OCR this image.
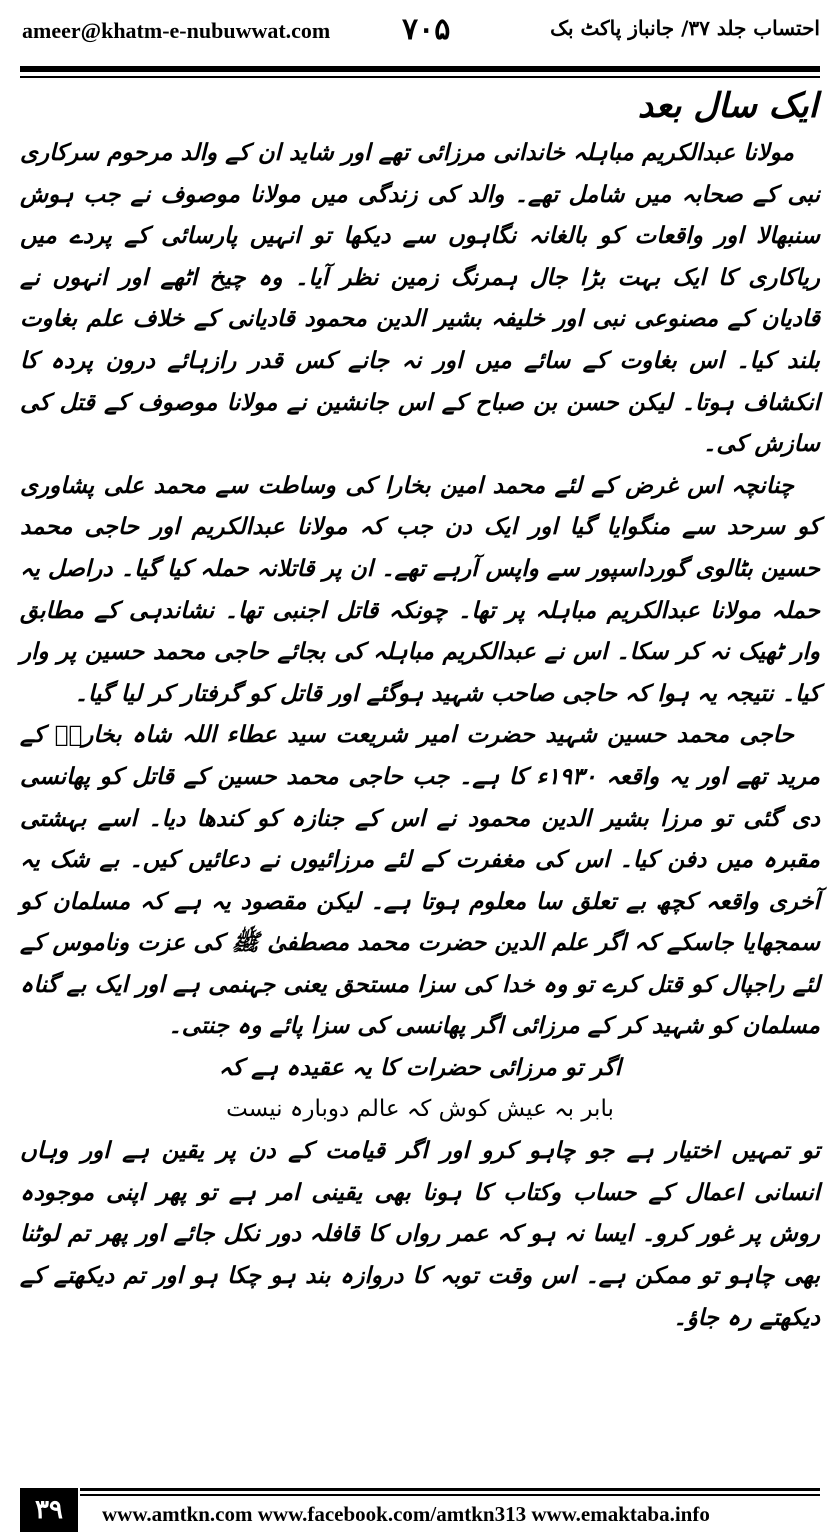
ameer@khatm-e-nubuwwat.com ۷۰۵	احتساب جلد ۳۷/ جانباز پاکٹ بک
ایک سال بعد

مولانا عبدالکریم مباہلہ خاندانی مرزائی تھے اور شاید ان کے والد مرحوم سرکاری نبی کے صحابہ میں شامل تھے۔ والد کی زندگی میں مولانا موصوف نے جب ہوش سنبھالا اور واقعات کو بالغانہ نگاہوں سے دیکھا تو انہیں پارسائی کے پردے میں ریاکاری کا ایک بہت بڑا جال ہمرنگ زمین نظر آیا۔ وہ چیخ اٹھے اور انہوں نے قادیان کے مصنوعی نبی اور خلیفہ بشیر الدین محمود قادیانی کے خلاف علم بغاوت بلند کیا۔ اس بغاوت کے سائے میں اور نہ جانے کس قدر رازہائے درون پردہ کا انکشاف ہوتا۔ لیکن حسن بن صباح کے اس جانشین نے مولانا موصوف کے قتل کی سازش کی۔

چنانچہ اس غرض کے لئے محمد امین بخارا کی وساطت سے محمد علی پشاوری کو سرحد سے منگوایا گیا اور ایک دن جب کہ مولانا عبدالکریم اور حاجی محمد حسین بٹالوی گورداسپور سے واپس آرہے تھے۔ ان پر قاتلانہ حملہ کیا گیا۔ دراصل یہ حملہ مولانا عبدالکریم مباہلہ پر تھا۔ چونکہ قاتل اجنبی تھا۔ نشاندہی کے مطابق وار ٹھیک نہ کر سکا۔ اس نے عبدالکریم مباہلہ کی بجائے حاجی محمد حسین پر وار کیا۔ نتیجہ یہ ہوا کہ حاجی صاحب شہید ہوگئے اور قاتل کو گرفتار کر لیا گیا۔

حاجی محمد حسین شہید حضرت امیر شریعت سید عطاء اللہ شاہ بخاریؒ کے مرید تھے اور یہ واقعہ ۱۹۳۰ء کا ہے۔ جب حاجی محمد حسین کے قاتل کو پھانسی دی گئی تو مرزا بشیر الدین محمود نے اس کے جنازہ کو کندھا دیا۔ اسے بہشتی مقبرہ میں دفن کیا۔ اس کی مغفرت کے لئے مرزائیوں نے دعائیں کیں۔ بے شک یہ آخری واقعہ کچھ بے تعلق سا معلوم ہوتا ہے۔ لیکن مقصود یہ ہے کہ مسلمان کو سمجھایا جاسکے کہ اگر علم الدین حضرت محمد مصطفیٰ ﷺ کی عزت وناموس کے لئے راجپال کو قتل کرے تو وہ خدا کی سزا مستحق یعنی جہنمی ہے اور ایک بے گناہ مسلمان کو شہید کر کے مرزائی اگر پھانسی کی سزا پائے وہ جنتی۔

اگر تو مرزائی حضرات کا یہ عقیدہ ہے کہ

بابر بہ عیش کوش کہ عالم دوبارہ نیست

تو تمہیں اختیار ہے جو چاہو کرو اور اگر قیامت کے دن پر یقین ہے اور وہاں انسانی اعمال کے حساب وکتاب کا ہونا بھی یقینی امر ہے تو پھر اپنی موجودہ روش پر غور کرو۔ ایسا نہ ہو کہ عمر رواں کا قافلہ دور نکل جائے اور پھر تم لوٹنا بھی چاہو تو ممکن ہے۔ اس وقت توبہ کا دروازہ بند ہو چکا ہو اور تم دیکھتے کے دیکھتے رہ جاؤ۔

۳۹	www.amtkn.com www.facebook.com/amtkn313 www.emaktaba.info
